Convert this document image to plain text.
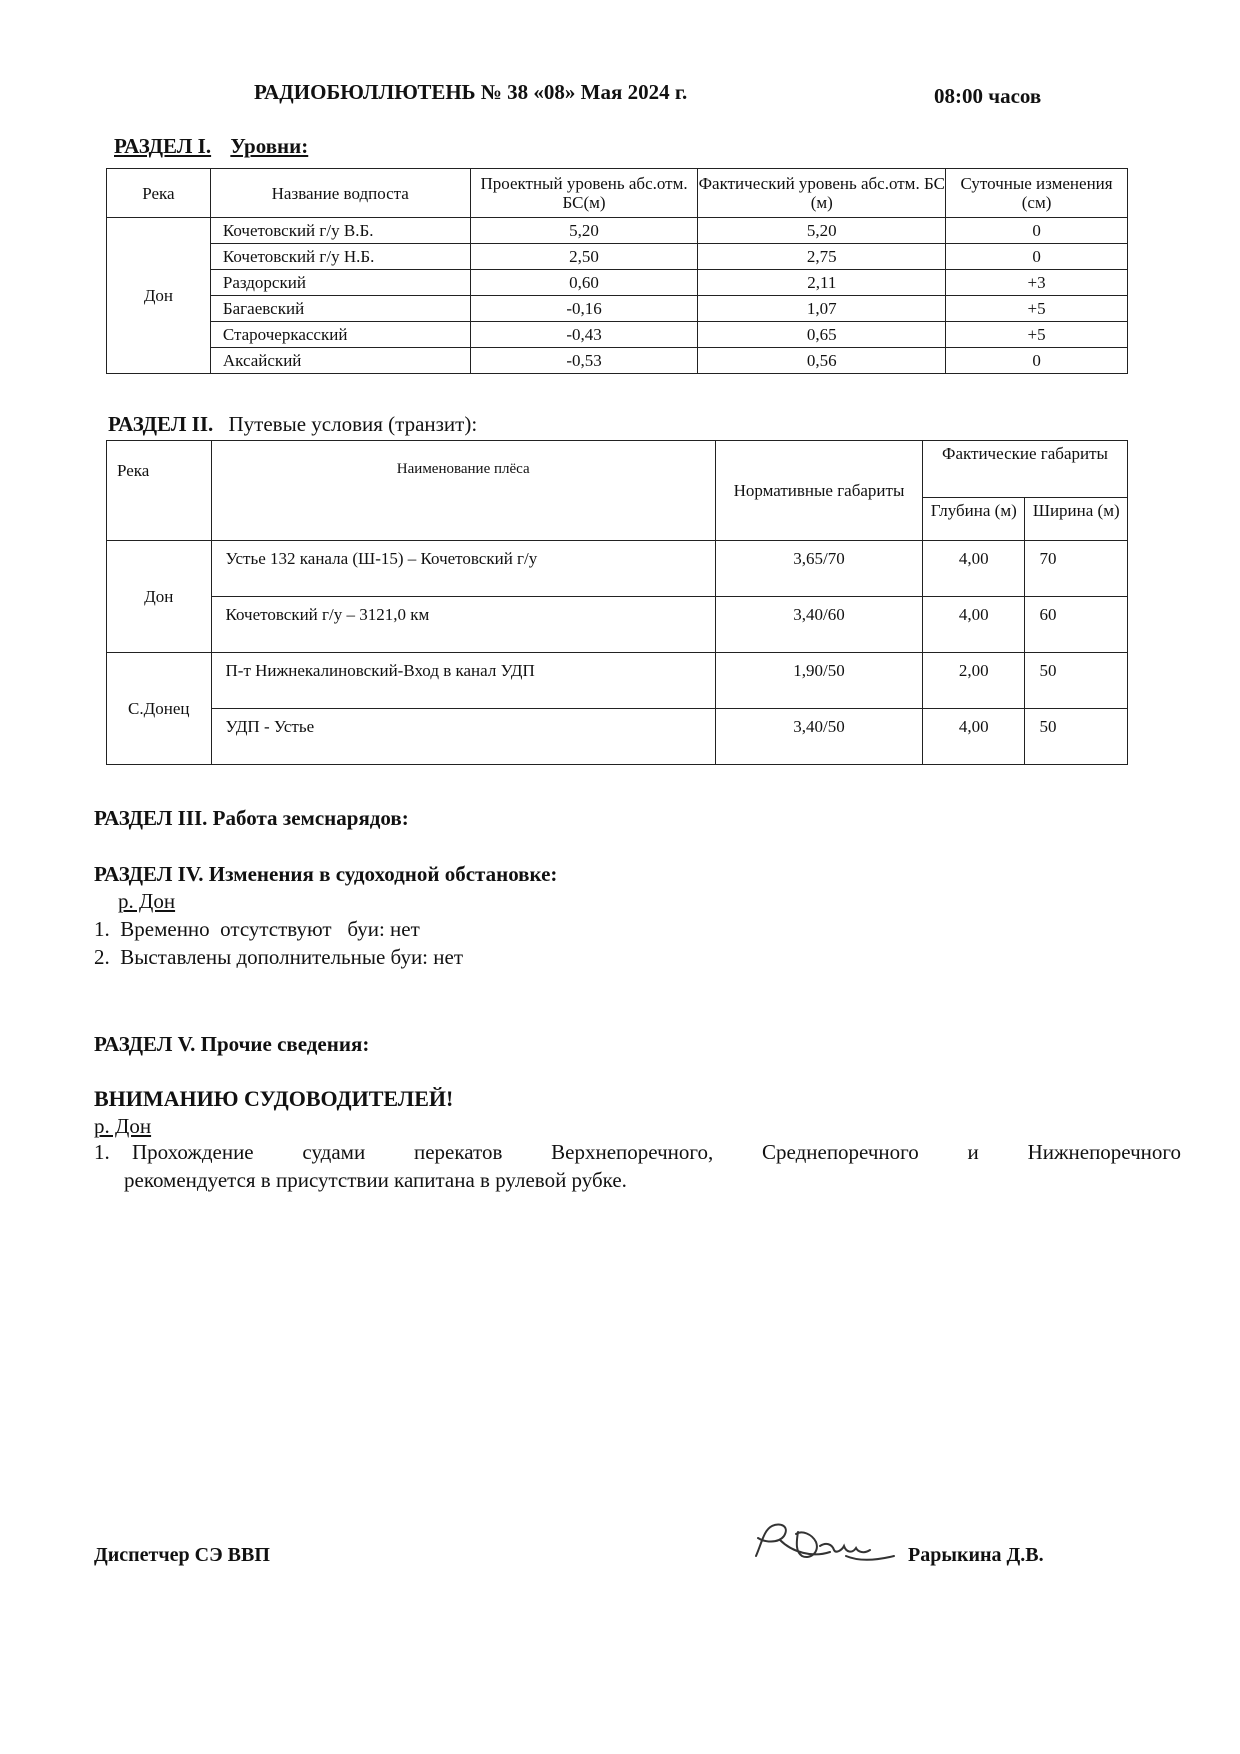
РАДИОБЮЛЛЮТЕНЬ № 38 «08» Мая 2024 г.	08:00 часов
РАЗДЕЛ I. Уровни:
Река	Название водпоста	Проектный уровень абс.отм. БС(м)	Фактический уровень абс.отм. БС (м)	Суточные изменения (см)
Дон	Кочетовский г/у В.Б.	5,20	5,20	0
	Кочетовский г/у Н.Б.	2,50	2,75	0
	Раздорский	0,60	2,11	+3
	Багаевский	-0,16	1,07	+5
	Старочеркасский	-0,43	0,65	+5
	Аксайский	-0,53	0,56	0
РАЗДЕЛ II. Путевые условия (транзит):
Река	Наименование плёса	Нормативные габариты	Фактические габариты	
			Глубина (м)	Ширина (м)
Дон	Устье 132 канала (Ш-15) – Кочетовский г/у	3,65/70	4,00	70
	Кочетовский г/у – 3121,0 км	3,40/60	4,00	60
С.Донец	П-т Нижнекалиновский-Вход в канал УДП	1,90/50	2,00	50
	УДП - Устье	3,40/50	4,00	50
РАЗДЕЛ III. Работа земснарядов:
РАЗДЕЛ IV. Изменения в судоходной обстановке:
р. Дон
1.  Временно  отсутствуют   буи: нет
2.  Выставлены дополнительные буи: нет
РАЗДЕЛ V. Прочие сведения:
ВНИМАНИЮ СУДОВОДИТЕЛЕЙ!
р. Дон
1. Прохождение судами перекатов Верхнепоречного, Среднепоречного и Нижнепоречного
рекомендуется в присутствии капитана в рулевой рубке.
Диспетчер СЭ ВВП	Рарыкина Д.В.
